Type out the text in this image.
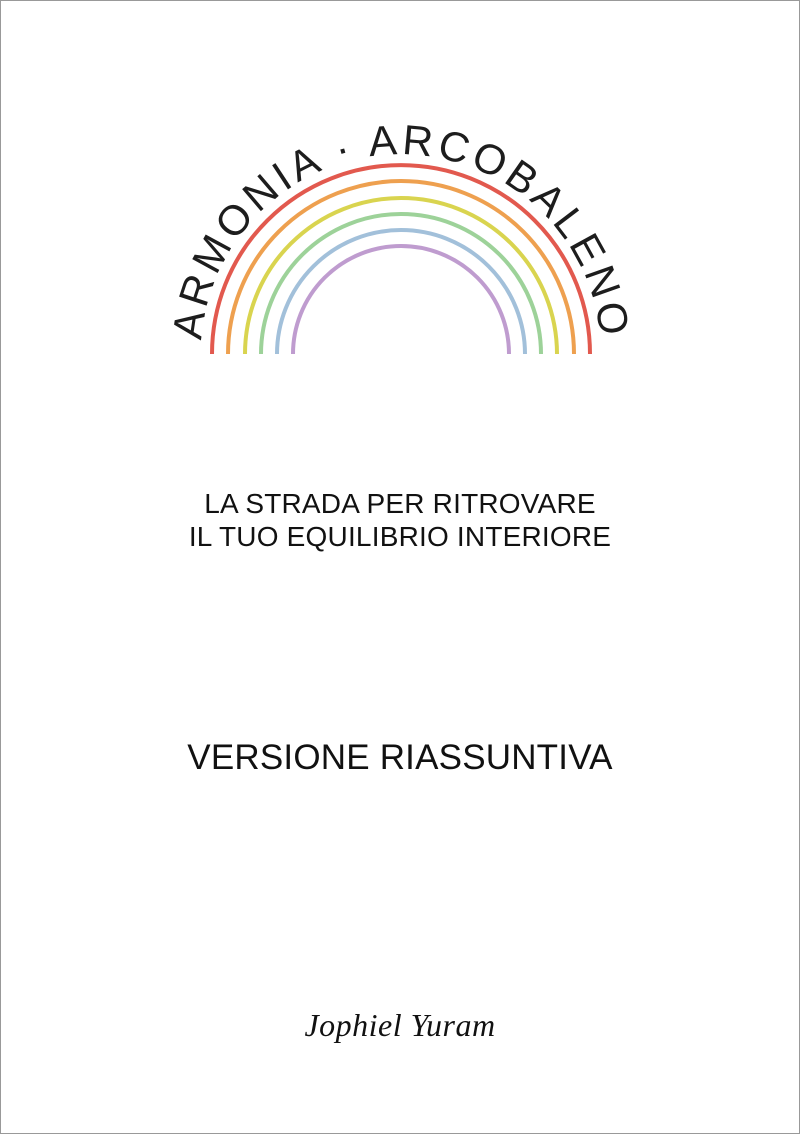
ARMONIA · ARCOBALENO
LA STRADA PER RITROVARE
IL TUO EQUILIBRIO INTERIORE
VERSIONE RIASSUNTIVA
Jophiel Yuram
